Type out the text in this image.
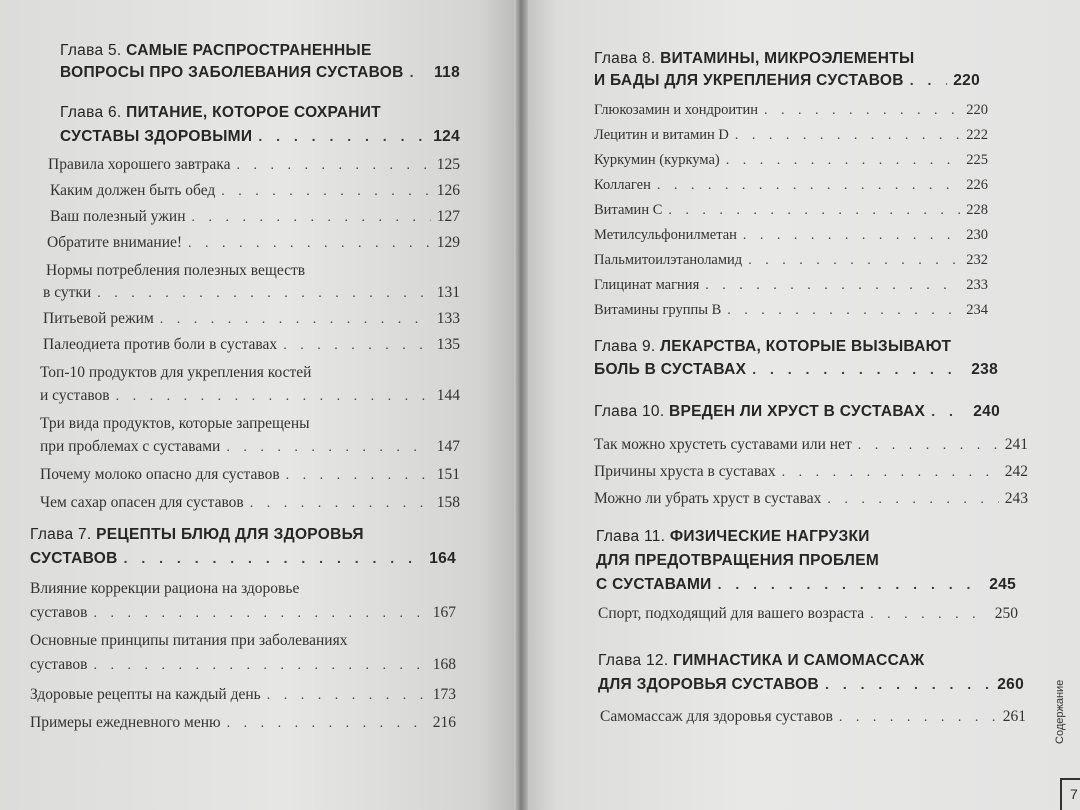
Глава 5. САМЫЕ РАСПРОСТРАНЕННЫЕ
ВОПРОСЫ ПРО ЗАБОЛЕВАНИЯ СУСТАВОВ . . . 118
Глава 6. ПИТАНИЕ, КОТОРОЕ СОХРАНИТ
СУСТАВЫ ЗДОРОВЫМИ . . .	124
Правила хорошего завтрака . . .	125
Каким должен быть обед . . .	126
Ваш полезный ужин . . .	127
Обратите внимание! . . .	129
Нормы потребления полезных веществ
в сутки . . .	131
Питьевой режим . . .	133
Палеодиета против боли в суставах . . .	135
Топ-10 продуктов для укрепления костей
и суставов . . .	144
Три вида продуктов, которые запрещены
при проблемах с суставами . . .	147
Почему молоко опасно для суставов . . .	151
Чем сахар опасен для суставов . . .	158
Глава 7. РЕЦЕПТЫ БЛЮД ДЛЯ ЗДОРОВЬЯ
СУСТАВОВ . . .	164
Влияние коррекции рациона на здоровье
суставов . . .	167
Основные принципы питания при заболеваниях
суставов . . .	168
Здоровые рецепты на каждый день . . .	173
Примеры ежедневного меню . . .	216
Глава 8. ВИТАМИНЫ, МИКРОЭЛЕМЕНТЫ
И БАДЫ ДЛЯ УКРЕПЛЕНИЯ СУСТАВОВ . . .	220
Глюкозамин и хондроитин . . .	220
Лецитин и витамин D . . .	222
Куркумин (куркума) . . .	225
Коллаген . . .	226
Витамин С . . .	228
Метилсульфонилметан . . .	230
Пальмитоилэтаноламид . . .	232
Глицинат магния . . .	233
Витамины группы В . . .	234
Глава 9. ЛЕКАРСТВА, КОТОРЫЕ ВЫЗЫВАЮТ
БОЛЬ В СУСТАВАХ . . .	238
Глава 10. ВРЕДЕН ЛИ ХРУСТ В СУСТАВАХ . . .	240
Так можно хрустеть суставами или нет . . .	241
Причины хруста в суставах . . .	242
Можно ли убрать хруст в суставах . . .	243
Глава 11. ФИЗИЧЕСКИЕ НАГРУЗКИ
ДЛЯ ПРЕДОТВРАЩЕНИЯ ПРОБЛЕМ
С СУСТАВАМИ . . .	245
Спорт, подходящий для вашего возраста . . .	250
Глава 12. ГИМНАСТИКА И САМОМАССАЖ
ДЛЯ ЗДОРОВЬЯ СУСТАВОВ . . .	260
Самомассаж для здоровья суставов . . .	261	Содержание
7
